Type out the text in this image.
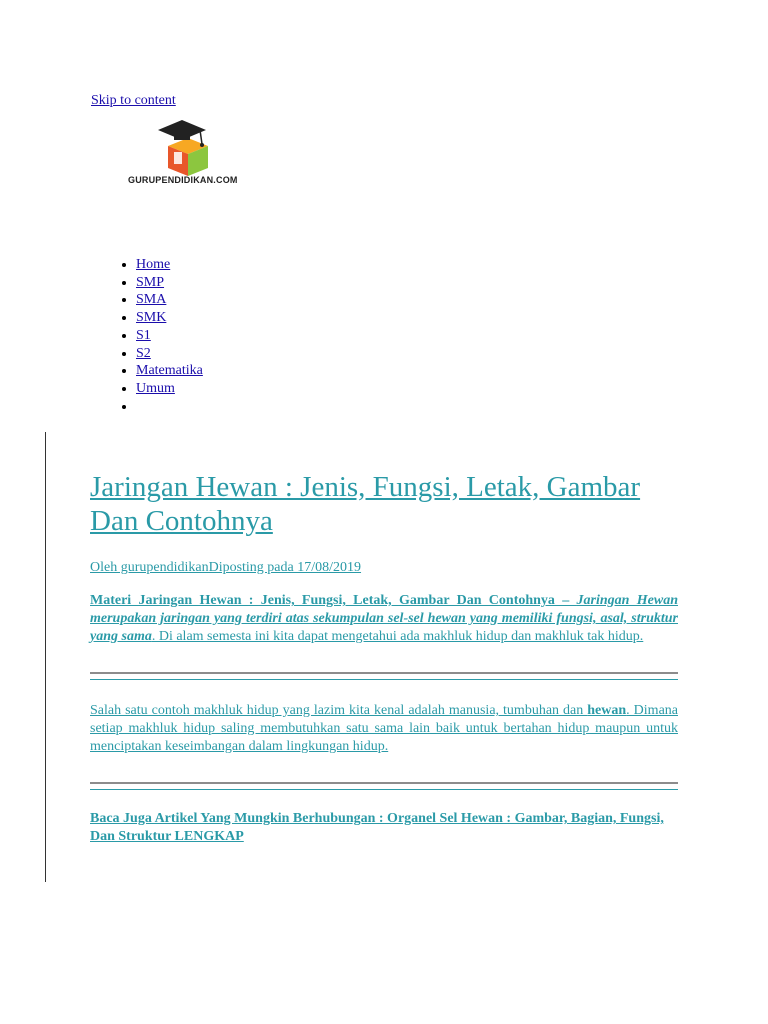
Skip to content
GURUPENDIDIKAN.COM
• Home
• SMP
• SMA
• SMK
• S1
• S2
• Matematika
• Umum
•
Jaringan Hewan : Jenis, Fungsi, Letak, Gambar Dan Contohnya
Oleh gurupendidikanDiposting pada 17/08/2019

Materi Jaringan Hewan : Jenis, Fungsi, Letak, Gambar Dan Contohnya – Jaringan Hewan merupakan jaringan yang terdiri atas sekumpulan sel-sel hewan yang memiliki fungsi, asal, struktur yang sama. Di alam semesta ini kita dapat mengetahui ada makhluk hidup dan makhluk tak hidup.

Salah satu contoh makhluk hidup yang lazim kita kenal adalah manusia, tumbuhan dan hewan. Dimana setiap makhluk hidup saling membutuhkan satu sama lain baik untuk bertahan hidup maupun untuk menciptakan keseimbangan dalam lingkungan hidup.

Baca Juga Artikel Yang Mungkin Berhubungan : Organel Sel Hewan : Gambar, Bagian, Fungsi, Dan Struktur LENGKAP
